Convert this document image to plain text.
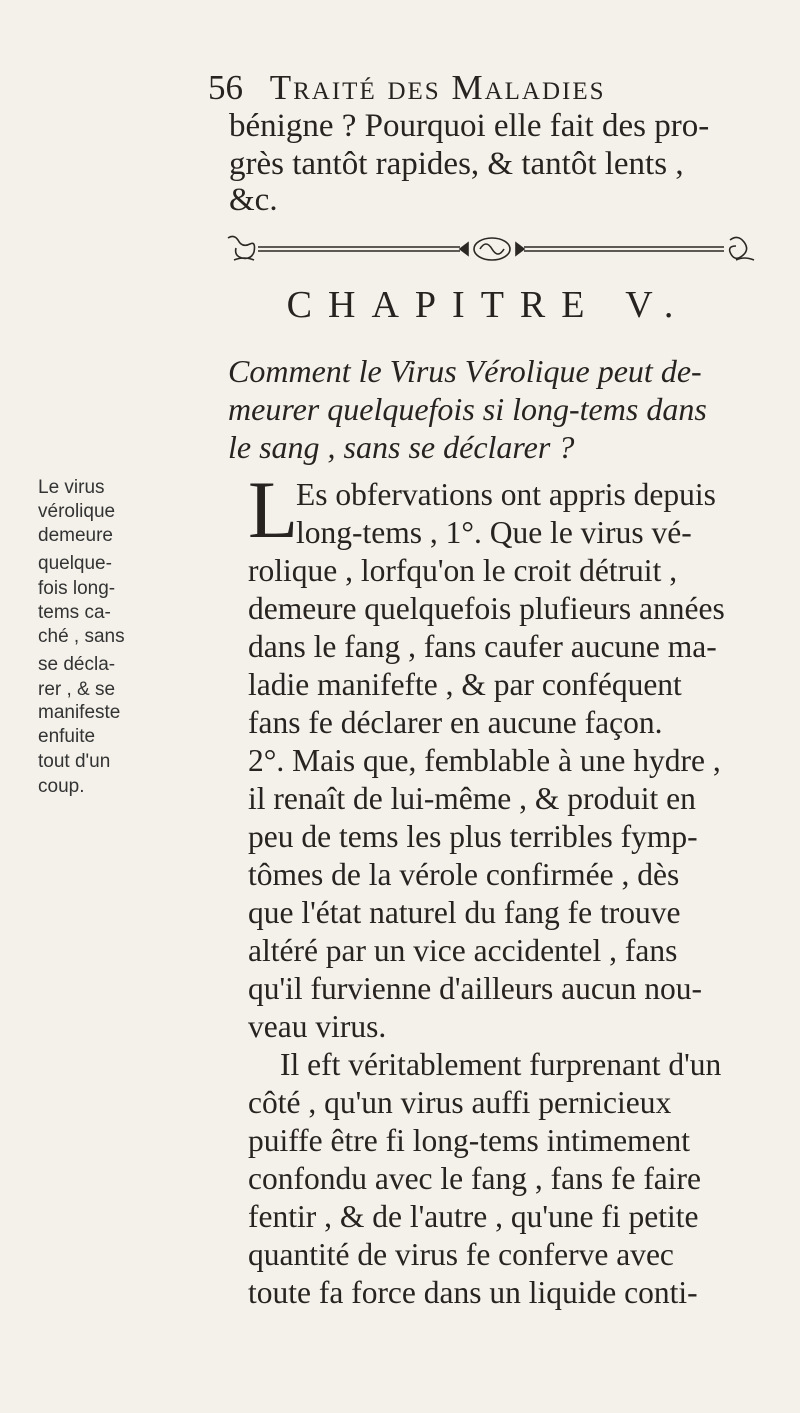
56 Traité des Maladies
bénigne ? Pourquoi elle fait des pro-
grès tantôt rapides, & tantôt lents ,
&c.
CHAPITRE V.
Comment le Virus Vérolique peut de-
meurer quelquefois si long-tems dans
le sang , sans se déclarer ?
Le virus
vérolique
demeure
quelque-
fois long-
tems ca-
ché , sans
se décla-
rer , & se
manifeste
enfuite
tout d'un
coup.
L
Es obfervations ont appris depuis
long-tems , 1°. Que le virus vé-
rolique , lorfqu'on le croit détruit ,
demeure quelquefois plufieurs années
dans le fang , fans caufer aucune ma-
ladie manifefte , & par conféquent
fans fe déclarer en aucune façon.
2°. Mais que, femblable à une hydre ,
il renaît de lui-même , & produit en
peu de tems les plus terribles fymp-
tômes de la vérole confirmée , dès
que l'état naturel du fang fe trouve
altéré par un vice accidentel , fans
qu'il furvienne d'ailleurs aucun nou-
veau virus.
Il eft véritablement furprenant d'un
côté , qu'un virus auffi pernicieux
puiffe être fi long-tems intimement
confondu avec le fang , fans fe faire
fentir , & de l'autre , qu'une fi petite
quantité de virus fe conferve avec
toute fa force dans un liquide conti-
